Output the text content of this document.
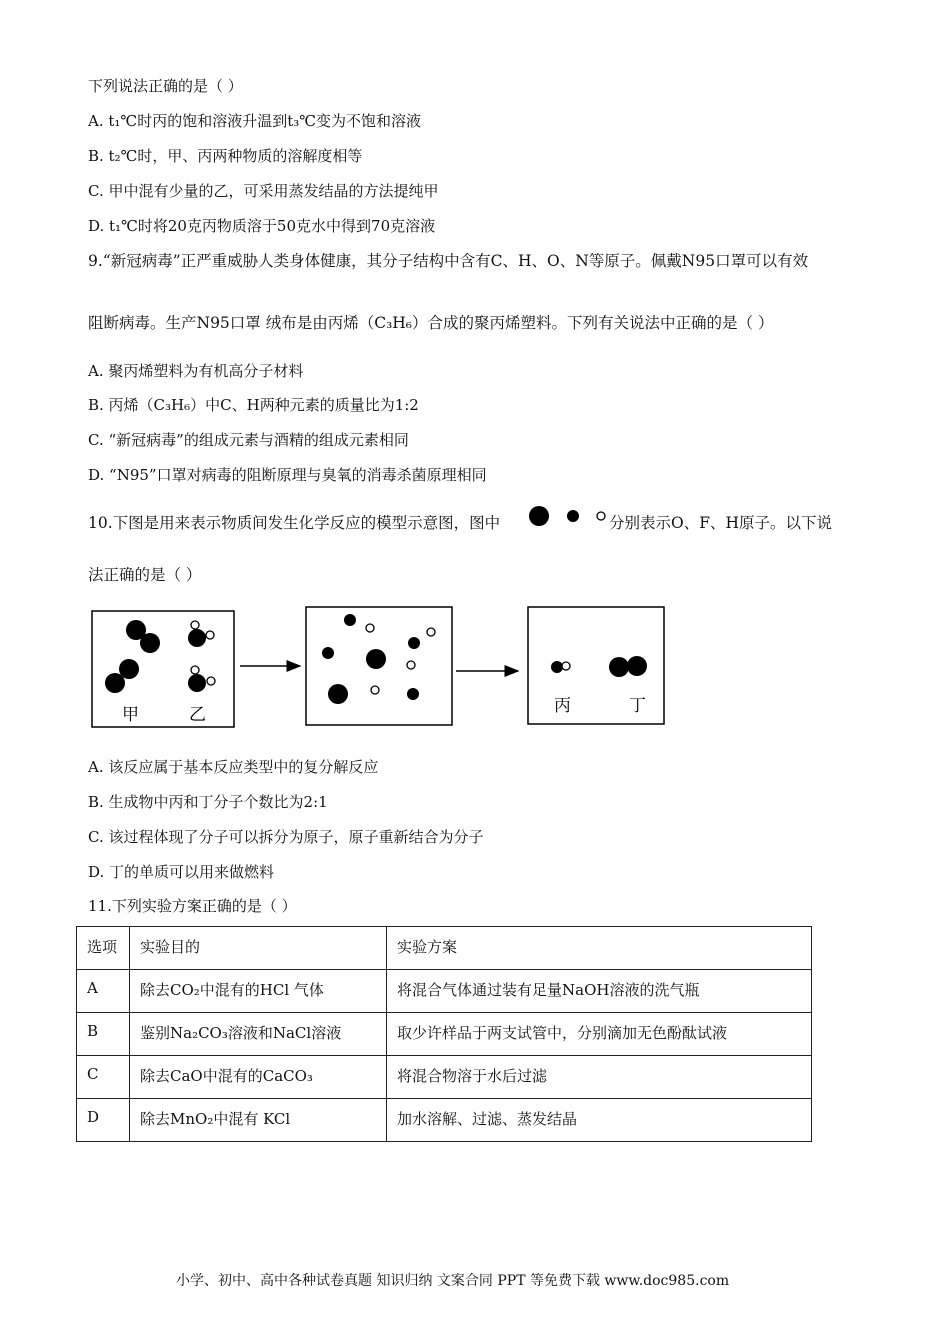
下列说法正确的是（ ）
A. t₁℃时丙的饱和溶液升温到t₃℃变为不饱和溶液
B. t₂℃时，甲、丙两种物质的溶解度相等
C. 甲中混有少量的乙，可采用蒸发结晶的方法提纯甲
D. t₁℃时将20克丙物质溶于50克水中得到70克溶液
9.“新冠病毒”正严重威胁人类身体健康，其分子结构中含有C、H、O、N等原子。佩戴N95口罩可以有效
阻断病毒。生产N95口罩 绒布是由丙烯（C₃H₆）合成的聚丙烯塑料。下列有关说法中正确的是（ ）
A. 聚丙烯塑料为有机高分子材料
B. 丙烯（C₃H₆）中C、H两种元素的质量比为1:2
C. “新冠病毒”的组成元素与酒精的组成元素相同
D. “N95”口罩对病毒的阻断原理与臭氧的消毒杀菌原理相同
10.下图是用来表示物质间发生化学反应的模型示意图，图中	分别表示O、F、H原子。以下说
法正确的是（ ）
甲	乙	丙	丁
A. 该反应属于基本反应类型中的复分解反应
B. 生成物中丙和丁分子个数比为2:1
C. 该过程体现了分子可以拆分为原子，原子重新结合为分子
D. 丁的单质可以用来做燃料
11.下列实验方案正确的是（ ）
选项	实验目的	实验方案
A	除去CO₂中混有的HCl 气体	将混合气体通过装有足量NaOH溶液的洗气瓶
B	鉴别Na₂CO₃溶液和NaCl溶液	取少许样品于两支试管中，分别滴加无色酚酞试液
C	除去CaO中混有的CaCO₃	将混合物溶于水后过滤
D	除去MnO₂中混有 KCl	加水溶解、过滤、蒸发结晶
小学、初中、高中各种试卷真题 知识归纳 文案合同 PPT 等免费下载 www.doc985.com
